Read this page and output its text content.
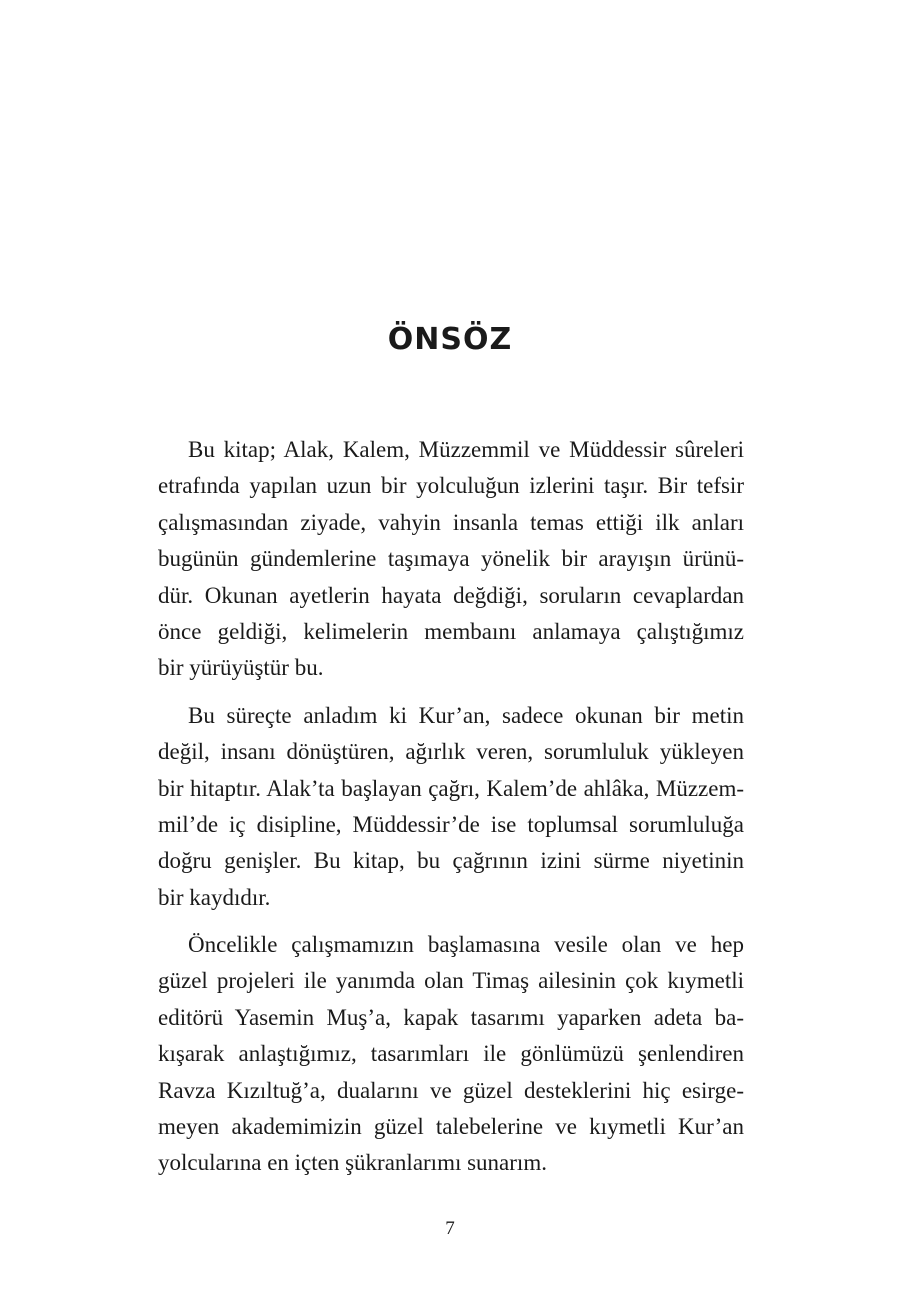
ÖNSÖZ

Bu kitap; Alak, Kalem, Müzzemmil ve Müddessir sûreleri
etrafında yapılan uzun bir yolculuğun izlerini taşır. Bir tefsir
çalışmasından ziyade, vahyin insanla temas ettiği ilk anları
bugünün gündemlerine taşımaya yönelik bir arayışın ürünü-
dür. Okunan ayetlerin hayata değdiği, soruların cevaplardan
önce geldiği, kelimelerin membaını anlamaya çalıştığımız
bir yürüyüştür bu.

Bu süreçte anladım ki Kur’an, sadece okunan bir metin
değil, insanı dönüştüren, ağırlık veren, sorumluluk yükleyen
bir hitaptır. Alak’ta başlayan çağrı, Kalem’de ahlâka, Müzzem-
mil’de iç disipline, Müddessir’de ise toplumsal sorumluluğa
doğru genişler. Bu kitap, bu çağrının izini sürme niyetinin
bir kaydıdır.

Öncelikle çalışmamızın başlamasına vesile olan ve hep
güzel projeleri ile yanımda olan Timaş ailesinin çok kıymetli
editörü Yasemin Muş’a, kapak tasarımı yaparken adeta ba-
kışarak anlaştığımız, tasarımları ile gönlümüzü şenlendiren
Ravza Kızıltuğ’a, dualarını ve güzel desteklerini hiç esirge-
meyen akademimizin güzel talebelerine ve kıymetli Kur’an
yolcularına en içten şükranlarımı sunarım.

7
